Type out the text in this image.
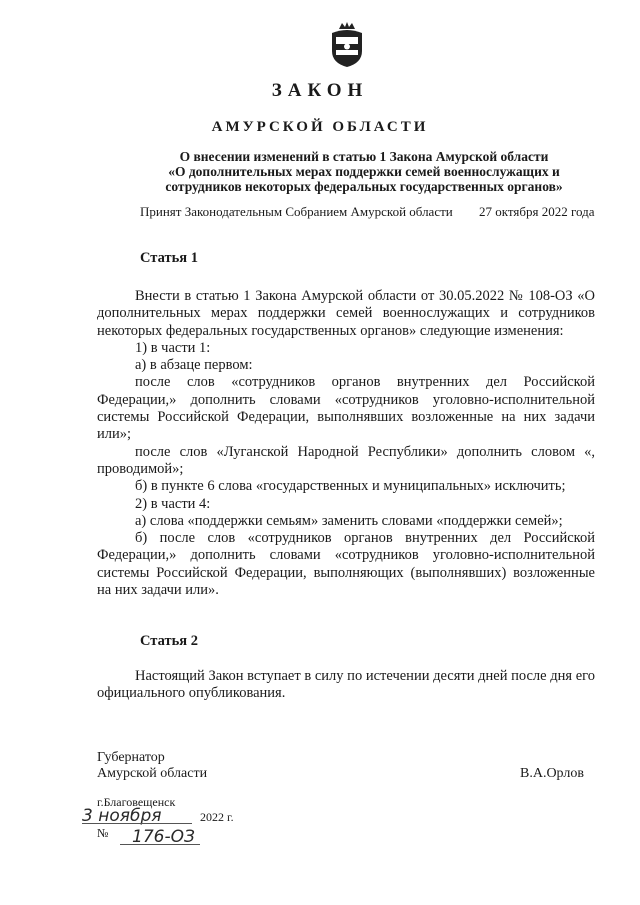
ЗАКОН
АМУРСКОЙ ОБЛАСТИ
О внесении изменений в статью 1 Закона Амурской области
«О дополнительных мерах поддержки семей военнослужащих и
сотрудников некоторых федеральных государственных органов»
Принят Законодательным Собранием Амурской области 27 октября 2022 года
Статья 1

Внести в статью 1 Закона Амурской области от 30.05.2022 № 108-ОЗ «О дополнительных мерах поддержки семей военнослужащих и сотрудников некоторых федеральных государственных органов» следующие изменения:

1) в части 1:

а) в абзаце первом:

после слов «сотрудников органов внутренних дел Российской Федерации,» дополнить словами «сотрудников уголовно-исполнительной системы Российской Федерации, выполнявших возложенные на них задачи или»;

после слов «Луганской Народной Республики» дополнить словом «, проводимой»;

б) в пункте 6 слова «государственных и муниципальных» исключить;

2) в части 4:

а) слова «поддержки семьям» заменить словами «поддержки семей»;

б) после слов «сотрудников органов внутренних дел Российской Федерации,» дополнить словами «сотрудников уголовно-исполнительной системы Российской Федерации, выполняющих (выполнявших) возложенные на них задачи или».

Статья 2

Настоящий Закон вступает в силу по истечении десяти дней после дня его официального опубликования.

Губернатор
Амурской области	В.А.Орлов
г.Благовещенск
3 ноября	2022 г.
№ 176-ОЗ
